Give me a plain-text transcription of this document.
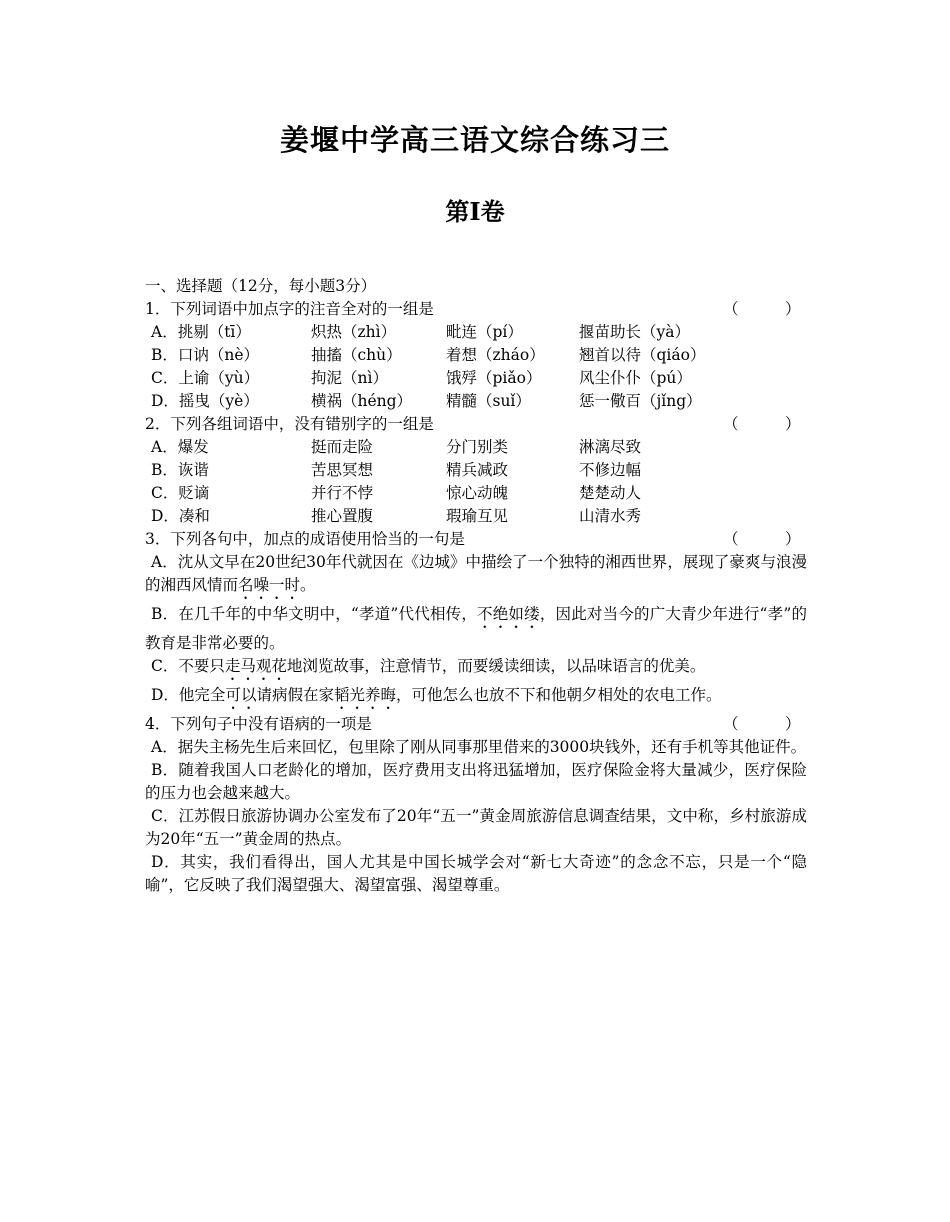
姜堰中学高三语文综合练习三
第I卷
一、选择题（12分，每小题3分）
1．下列词语中加点字的注音全对的一组是	（　　　）
A．挑剔（tī）	炽热（zhì）	毗连（pí）	揠苗助长（yà）
B．口讷（nè）	抽搐（chù）	着想（zháo） 翘首以待（qiáo）
C．上谕（yù）	拘泥（nì）	饿殍（piǎo） 风尘仆仆（pú）
D．摇曳（yè）	横祸（héng） 精髓（suǐ）	惩一儆百（jǐng）
2．下列各组词语中，没有错别字的一组是	（　　　）
A．爆发	挺而走险	分门别类	淋漓尽致
B．诙谐	苦思冥想	精兵减政	不修边幅
C．贬谪	并行不悖	惊心动魄	楚楚动人
D．凑和	推心置腹	瑕瑜互见	山清水秀
3．下列各句中，加点的成语使用恰当的一句是	（　　　）

A．沈从文早在20世纪30年代就因在《边城》中描绘了一个独特的湘西世界，展现了豪爽与浪漫的湘西风情而名噪一时。

B．在几千年的中华文明中，“孝道”代代相传，不绝如缕，因此对当今的广大青少年进行“孝”的教育是非常必要的。

C．不要只走马观花地浏览故事，注意情节，而要缓读细读，以品味语言的优美。

D．他完全可以请病假在家韬光养晦，可他怎么也放不下和他朝夕相处的农电工作。

4．下列句子中没有语病的一项是	（　　　）

A．据失主杨先生后来回忆，包里除了刚从同事那里借来的3000块钱外，还有手机等其他证件。

B．随着我国人口老龄化的增加，医疗费用支出将迅猛增加，医疗保险金将大量减少，医疗保险的压力也会越来越大。

C．江苏假日旅游协调办公室发布了20年“五一”黄金周旅游信息调查结果，文中称，乡村旅游成为20年“五一”黄金周的热点。

D．其实，我们看得出，国人尤其是中国长城学会对“新七大奇迹”的念念不忘，只是一个“隐喻”，它反映了我们渴望强大、渴望富强、渴望尊重。
